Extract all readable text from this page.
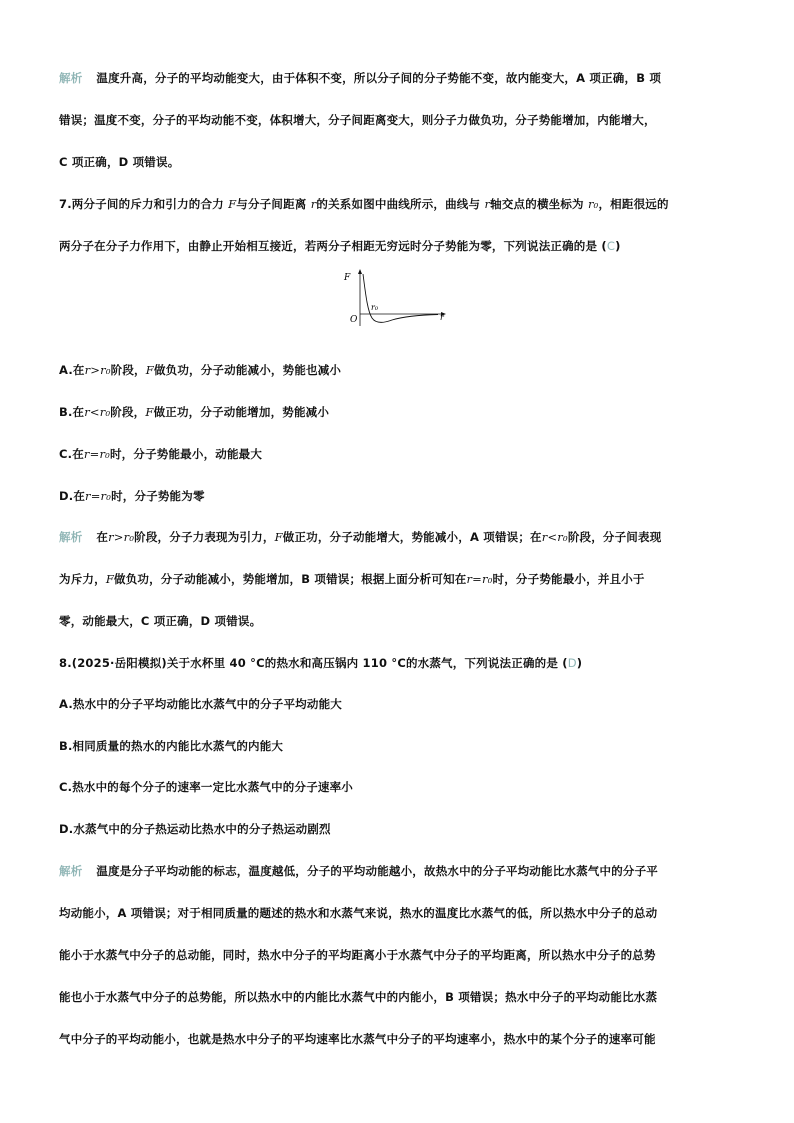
解析 温度升高，分子的平均动能变大，由于体积不变，所以分子间的分子势能不变，故内能变大，A 项正确，B 项
错误；温度不变，分子的平均动能不变，体积增大，分子间距离变大，则分子力做负功，分子势能增加，内能增大，
C 项正确，D 项错误。
7.两分子间的斥力和引力的合力 F与分子间距离 r的关系如图中曲线所示，曲线与 r轴交点的横坐标为 r₀，相距很远的
两分子在分子力作用下，由静止开始相互接近，若两分子相距无穷远时分子势能为零，下列说法正确的是 (C)
F
O	r
r₀
A.在r>r₀阶段，F做负功，分子动能减小，势能也减小
B.在r<r₀阶段，F做正功，分子动能增加，势能减小
C.在r=r₀时，分子势能最小，动能最大
D.在r=r₀时，分子势能为零
解析 在r>r₀阶段，分子力表现为引力，F做正功，分子动能增大，势能减小，A 项错误；在r<r₀阶段，分子间表现
为斥力，F做负功，分子动能减小，势能增加，B 项错误；根据上面分析可知在r=r₀时，分子势能最小，并且小于
零，动能最大，C 项正确，D 项错误。
8.(2025·岳阳模拟)关于水杯里 40 °C的热水和高压锅内 110 °C的水蒸气，下列说法正确的是 (D)
A.热水中的分子平均动能比水蒸气中的分子平均动能大
B.相同质量的热水的内能比水蒸气的内能大
C.热水中的每个分子的速率一定比水蒸气中的分子速率小
D.水蒸气中的分子热运动比热水中的分子热运动剧烈
解析 温度是分子平均动能的标志，温度越低，分子的平均动能越小，故热水中的分子平均动能比水蒸气中的分子平
均动能小，A 项错误；对于相同质量的题述的热水和水蒸气来说，热水的温度比水蒸气的低，所以热水中分子的总动
能小于水蒸气中分子的总动能，同时，热水中分子的平均距离小于水蒸气中分子的平均距离，所以热水中分子的总势
能也小于水蒸气中分子的总势能，所以热水中的内能比水蒸气中的内能小，B 项错误；热水中分子的平均动能比水蒸
气中分子的平均动能小，也就是热水中分子的平均速率比水蒸气中分子的平均速率小，热水中的某个分子的速率可能
